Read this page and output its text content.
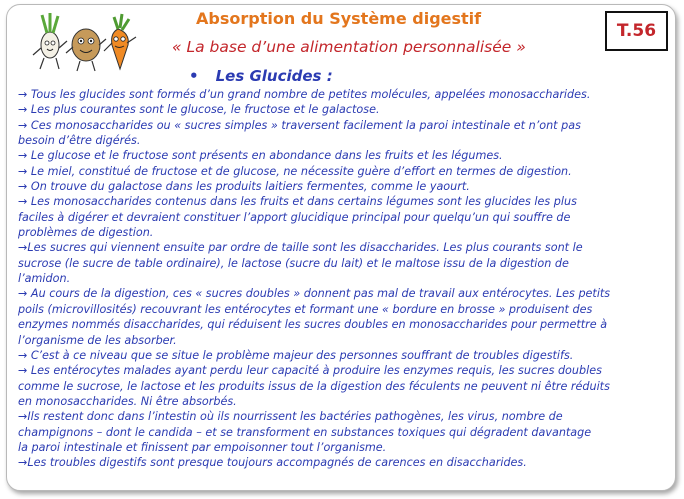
Absorption du Système digestif
« La base d’une alimentation personnalisée »
T.56
• Les Glucides :
→ Tous les glucides sont formés d’un grand nombre de petites molécules, appelées monosaccharides.
→ Les plus courantes sont le glucose, le fructose et le galactose.
→ Ces monosaccharides ou « sucres simples » traversent facilement la paroi intestinale et n’ont pas
besoin d’être digérés.
→ Le glucose et le fructose sont présents en abondance dans les fruits et les légumes.
→ Le miel, constitué de fructose et de glucose, ne nécessite guère d’effort en termes de digestion.
→ On trouve du galactose dans les produits laitiers fermentes, comme le yaourt.
→ Les monosaccharides contenus dans les fruits et dans certains légumes sont les glucides les plus
faciles à digérer et devraient constituer l’apport glucidique principal pour quelqu’un qui souffre de
problèmes de digestion.
→Les sucres qui viennent ensuite par ordre de taille sont les disaccharides. Les plus courants sont le
sucrose (le sucre de table ordinaire), le lactose (sucre du lait) et le maltose issu de la digestion de
l’amidon.
→ Au cours de la digestion, ces « sucres doubles » donnent pas mal de travail aux entérocytes. Les petits
poils (microvillosités) recouvrant les entérocytes et formant une « bordure en brosse » produisent des
enzymes nommés disaccharides, qui réduisent les sucres doubles en monosaccharides pour permettre à
l’organisme de les absorber.
→ C’est à ce niveau que se situe le problème majeur des personnes souffrant de troubles digestifs.
→ Les entérocytes malades ayant perdu leur capacité à produire les enzymes requis, les sucres doubles
comme le sucrose, le lactose et les produits issus de la digestion des féculents ne peuvent ni être réduits
en monosaccharides. Ni être absorbés.
→Ils restent donc dans l’intestin où ils nourrissent les bactéries pathogènes, les virus, nombre de
champignons – dont le candida – et se transforment en substances toxiques qui dégradent davantage
la paroi intestinale et finissent par empoisonner tout l’organisme.
→Les troubles digestifs sont presque toujours accompagnés de carences en disaccharides.
